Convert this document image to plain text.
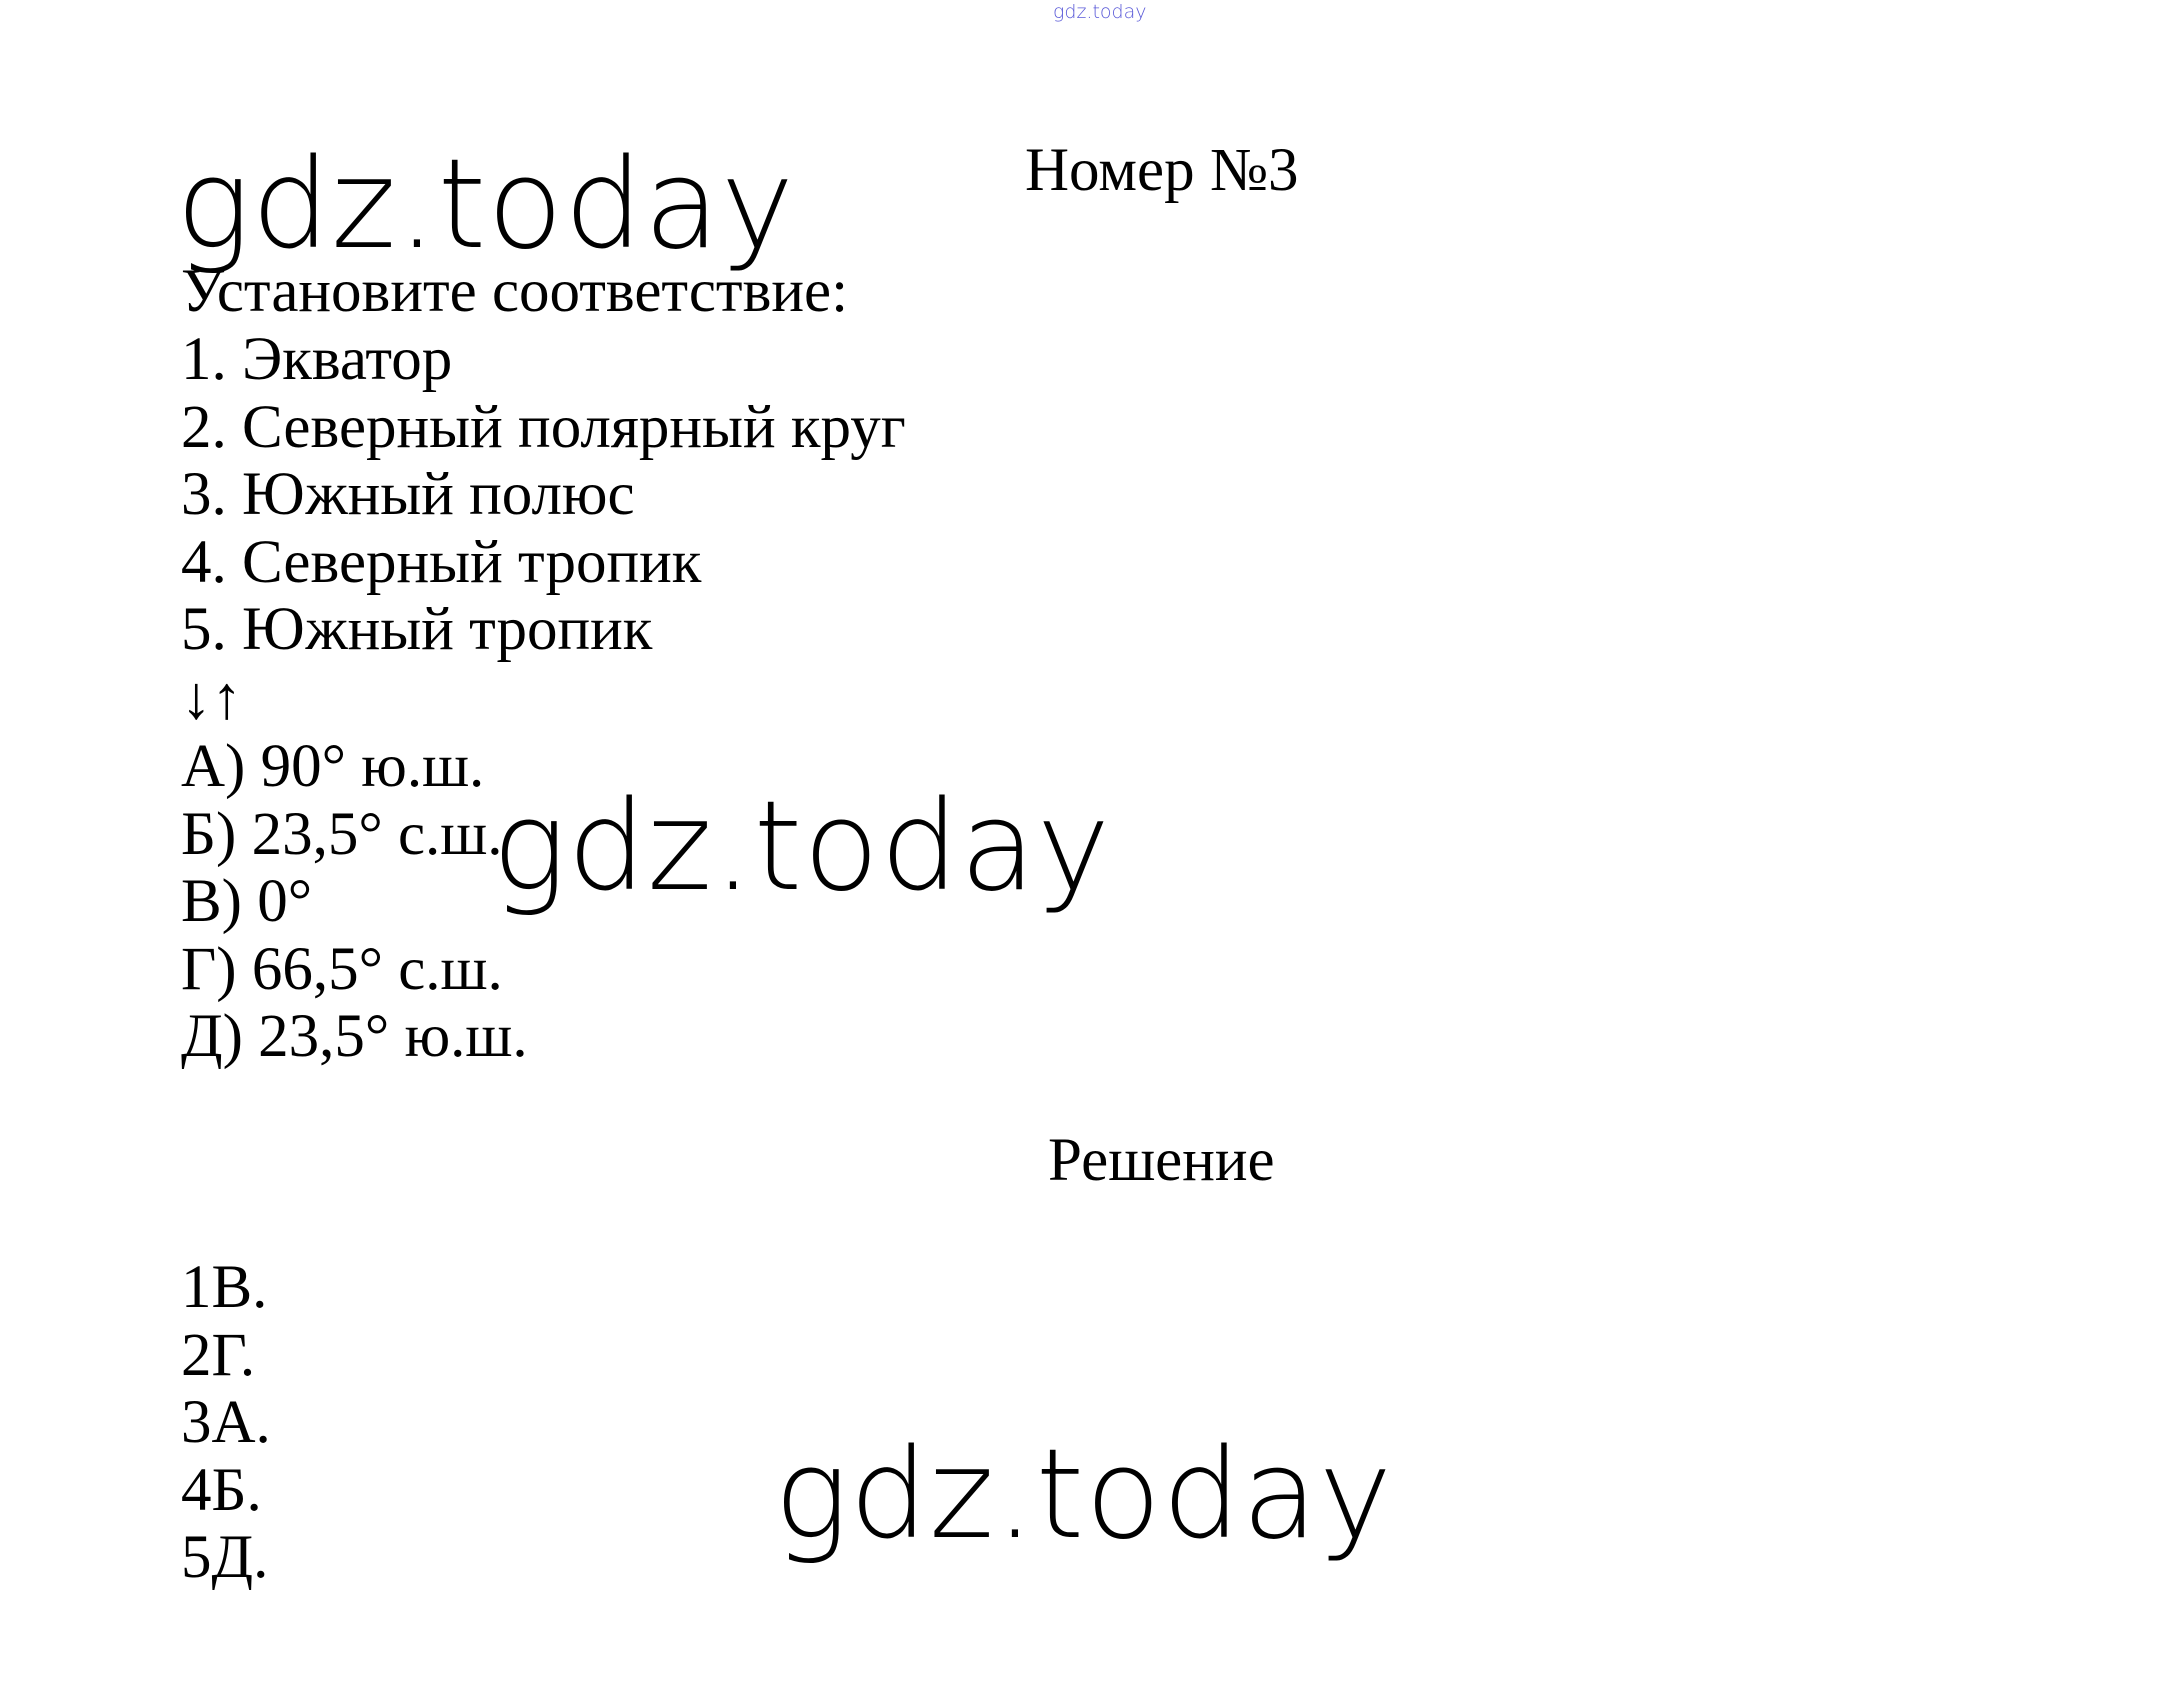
gdz.today
Номер №3
Установите соответствие:
1. Экватор
2. Северный полярный круг
3. Южный полюс
4. Северный тропик
5. Южный тропик
↓↑
А) 90° ю.ш.
Б) 23,5° с.ш.
В) 0°
Г) 66,5° с.ш.
Д) 23,5° ю.ш.
Решение
1В.
2Г.
3А.
4Б.
5Д.
gdz.today
gdz.today
gdz.today
